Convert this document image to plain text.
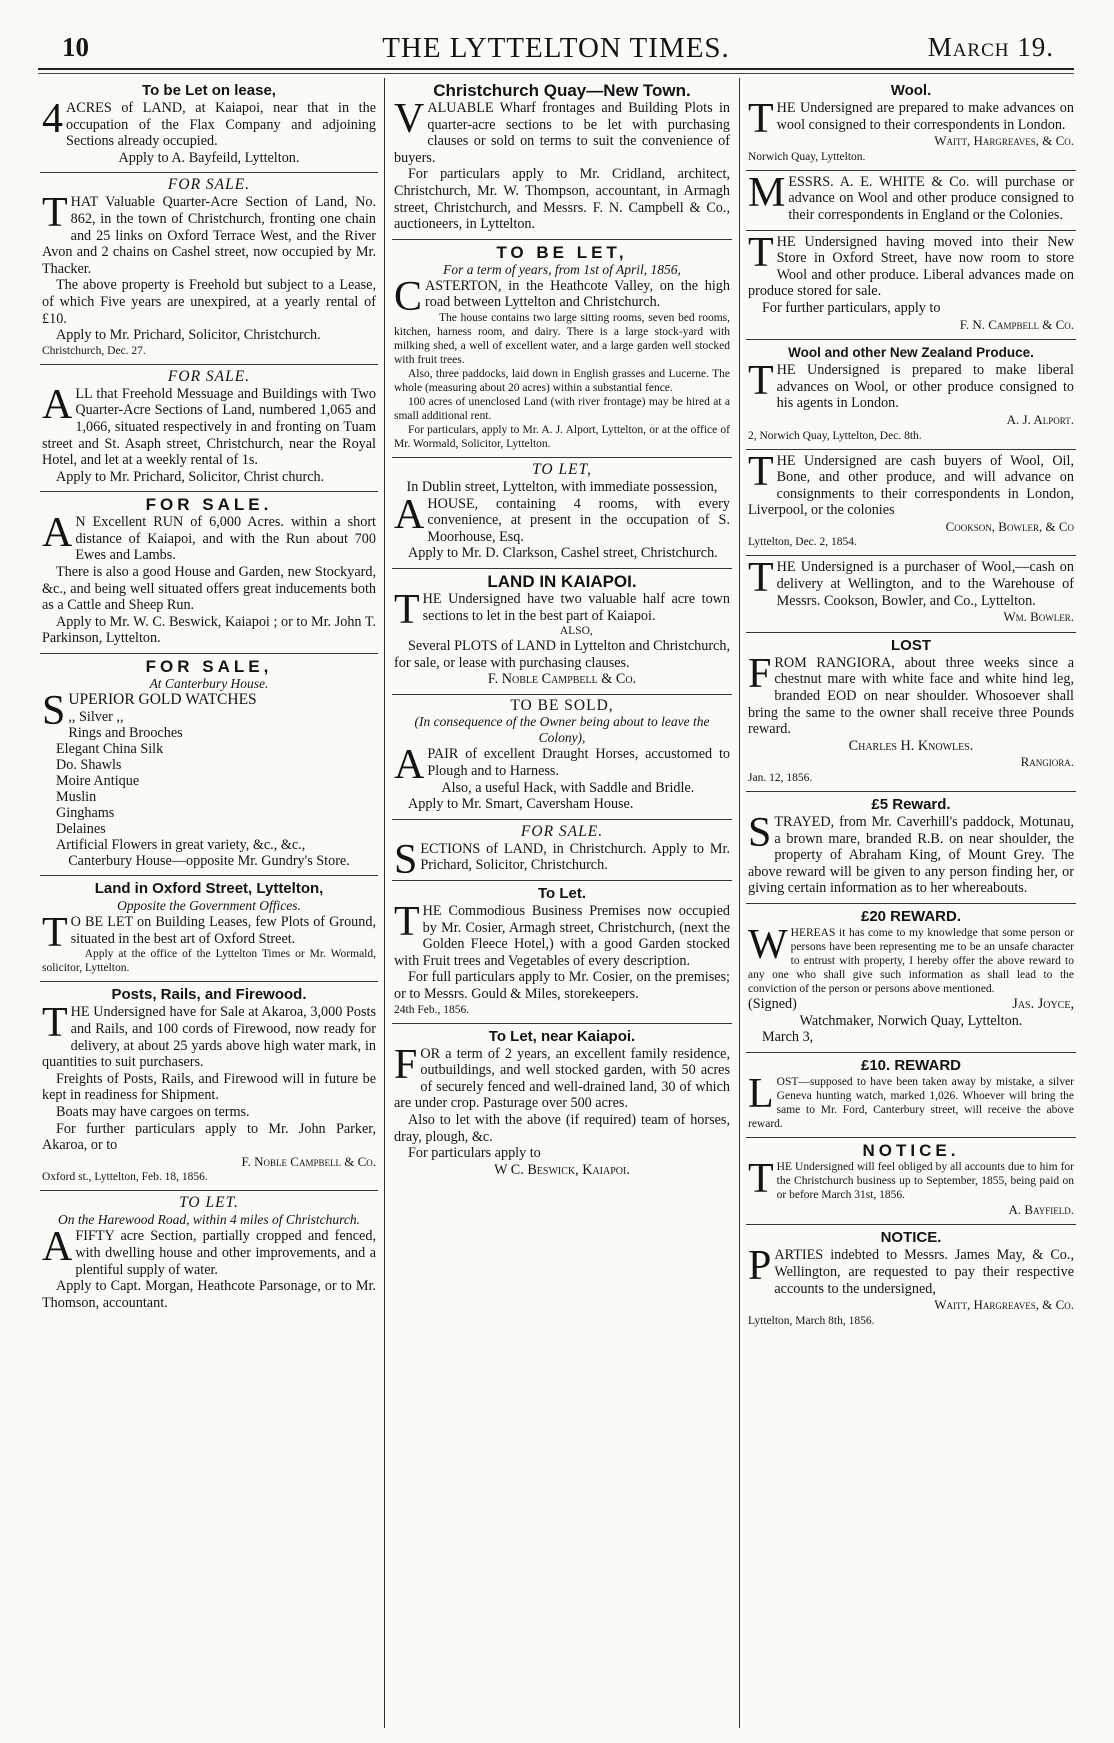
10	THE LYTTELTON TIMES.	March 19.
To be Let on lease,

4 ACRES of LAND, at Kaiapoi, near that in the occupation of the Flax Company and adjoining Sections already occupied.

Apply to A. Bayfeild, Lyttelton.

FOR SALE.

THAT Valuable Quarter-Acre Section of Land, No. 862, in the town of Christchurch, fronting one chain and 25 links on Oxford Terrace West, and the River Avon and 2 chains on Cashel street, now occupied by Mr. Thacker.

The above property is Freehold but subject to a Lease, of which Five years are unexpired, at a yearly rental of £10.

Apply to Mr. Prichard, Solicitor, Christchurch.

Christchurch, Dec. 27.

FOR SALE.

ALL that Freehold Messuage and Buildings with Two Quarter-Acre Sections of Land, numbered 1,065 and 1,066, situated respectively in and fronting on Tuam street and St. Asaph street, Christchurch, near the Royal Hotel, and let at a weekly rental of 1s.

Apply to Mr. Prichard, Solicitor, Christ church.

FOR SALE.

A N Excellent RUN of 6,000 Acres. within a short distance of Kaiapoi, and with the Run about 700 Ewes and Lambs.

There is also a good House and Garden, new Stockyard, &c., and being well situated offers great inducements both as a Cattle and Sheep Run.

Apply to Mr. W. C. Beswick, Kaiapoi ; or to Mr. John T. Parkinson, Lyttelton.

FOR SALE,
At Canterbury House.

SUPERIOR GOLD WATCHES

,, Silver ,,
Rings and Brooches
Elegant China Silk
Do. Shawls
Moire Antique
Muslin
Ginghams
Delaines
Artificial Flowers in great variety, &c., &c.,

Canterbury House—opposite Mr. Gundry's Store.

Land in Oxford Street, Lyttelton,
Opposite the Government Offices.

T O BE LET on Building Leases, few Plots of Ground, situated in the best art of Oxford Street.

Apply at the office of the Lyttelton Times or Mr. Wormald, solicitor, Lyttelton.

Posts, Rails, and Firewood.

THE Undersigned have for Sale at Akaroa, 3,000 Posts and Rails, and 100 cords of Firewood, now ready for delivery, at about 25 yards above high water mark, in quantities to suit purchasers.

Freights of Posts, Rails, and Firewood will in future be kept in readiness for Shipment.

Boats may have cargoes on terms.

For further particulars apply to Mr. John Parker, Akaroa, or to

F. Noble Campbell & Co.

Oxford st., Lyttelton, Feb. 18, 1856.

TO LET.
On the Harewood Road, within 4 miles of Christchurch.

AFIFTY acre Section, partially cropped and fenced, with dwelling house and other improvements, and a plentiful supply of water.

Apply to Capt. Morgan, Heathcote Parsonage, or to Mr. Thomson, accountant.

Christchurch Quay—New Town.

VALUABLE Wharf frontages and Building Plots in quarter-acre sections to be let with purchasing clauses or sold on terms to suit the convenience of buyers.

For particulars apply to Mr. Cridland, architect, Christchurch, Mr. W. Thompson, accountant, in Armagh street, Christchurch, and Messrs. F. N. Campbell & Co., auctioneers, in Lyttelton.

TO BE LET,
For a term of years, from 1st of April, 1856,

CASTERTON, in the Heathcote Valley, on the high road between Lyttelton and Christchurch.

The house contains two large sitting rooms, seven bed rooms, kitchen, harness room, and dairy. There is a large stock-yard with milking shed, a well of excellent water, and a large garden well stocked with fruit trees.

Also, three paddocks, laid down in English grasses and Lucerne. The whole (measuring about 20 acres) within a substantial fence.

100 acres of unenclosed Land (with river frontage) may be hired at a small additional rent.

For particulars, apply to Mr. A. J. Alport, Lyttelton, or at the office of Mr. Wormald, Solicitor, Lyttelton.

TO LET,
In Dublin street, Lyttelton, with immediate possession,

AHOUSE, containing 4 rooms, with every convenience, at present in the occupation of S. Moorhouse, Esq.

Apply to Mr. D. Clarkson, Cashel street, Christchurch.

LAND IN KAIAPOI.

THE Undersigned have two valuable half acre town sections to let in the best part of Kaiapoi.

ALSO,

Several PLOTS of LAND in Lyttelton and Christchurch, for sale, or lease with purchasing clauses.

F. Noble Campbell & Co.

TO BE SOLD,
(In consequence of the Owner being about to leave the Colony),

APAIR of excellent Draught Horses, accustomed to Plough and to Harness.

Also, a useful Hack, with Saddle and Bridle.

Apply to Mr. Smart, Caversham House.

FOR SALE.

SECTIONS of LAND, in Christchurch. Apply to Mr. Prichard, Solicitor, Christchurch.

To Let.

THE Commodious Business Premises now occupied by Mr. Cosier, Armagh street, Christchurch, (next the Golden Fleece Hotel,) with a good Garden stocked with Fruit trees and Vegetables of every description.

For full particulars apply to Mr. Cosier, on the premises; or to Messrs. Gould & Miles, storekeepers.

24th Feb., 1856.

To Let, near Kaiapoi.

FOR a term of 2 years, an excellent family residence, outbuildings, and well stocked garden, with 50 acres of securely fenced and well-drained land, 30 of which are under crop. Pasturage over 500 acres.

Also to let with the above (if required) team of horses, dray, plough, &c.

For particulars apply to

W C. Beswick, Kaiapoi.

Wool.

THE Undersigned are prepared to make advances on wool consigned to their correspondents in London.

Waitt, Hargreaves, & Co.

Norwich Quay, Lyttelton.

MESSRS. A. E. WHITE & Co. will purchase or advance on Wool and other produce consigned to their correspondents in England or the Colonies.

THE Undersigned having moved into their New Store in Oxford Street, have now room to store Wool and other produce. Liberal advances made on produce stored for sale.

For further particulars, apply to

F. N. Campbell & Co.

Wool and other New Zealand Produce.

THE Undersigned is prepared to make liberal advances on Wool, or other produce consigned to his agents in London.

A. J. Alport.

2, Norwich Quay, Lyttelton, Dec. 8th.

THE Undersigned are cash buyers of Wool, Oil, Bone, and other produce, and will advance on consignments to their correspondents in London, Liverpool, or the colonies

Cookson, Bowler, & Co

Lyttelton, Dec. 2, 1854.

THE Undersigned is a purchaser of Wool,—cash on delivery at Wellington, and to the Warehouse of Messrs. Cookson, Bowler, and Co., Lyttelton.

Wm. Bowler.

LOST

FROM RANGIORA, about three weeks since a chestnut mare with white face and white hind leg, branded EOD on near shoulder. Whosoever shall bring the same to the owner shall receive three Pounds reward.

Charles H. Knowles.

Rangiora.

Jan. 12, 1856.

£5 Reward.

STRAYED, from Mr. Caverhill's paddock, Motunau, a brown mare, branded R.B. on near shoulder, the property of Abraham King, of Mount Grey. The above reward will be given to any person finding her, or giving certain information as to her whereabouts.

£20 REWARD.

WHEREAS it has come to my knowledge that some person or persons have been representing me to be an unsafe character to entrust with property, I hereby offer the above reward to any one who shall give such information as shall lead to the conviction of the person or persons above mentioned.

(Signed)	Jas. Joyce,

Watchmaker, Norwich Quay, Lyttelton.

March 3,

£10. REWARD

LOST—supposed to have been taken away by mistake, a silver Geneva hunting watch, marked 1,026. Whoever will bring the same to Mr. Ford, Canterbury street, will receive the above reward.

NOTICE.

THE Undersigned will feel obliged by all accounts due to him for the Christchurch business up to September, 1855, being paid on or before March 31st, 1856.

A. Bayfield.

NOTICE.

PARTIES indebted to Messrs. James May, & Co., Wellington, are requested to pay their respective accounts to the undersigned,

Waitt, Hargreaves, & Co.

Lyttelton, March 8th, 1856.
